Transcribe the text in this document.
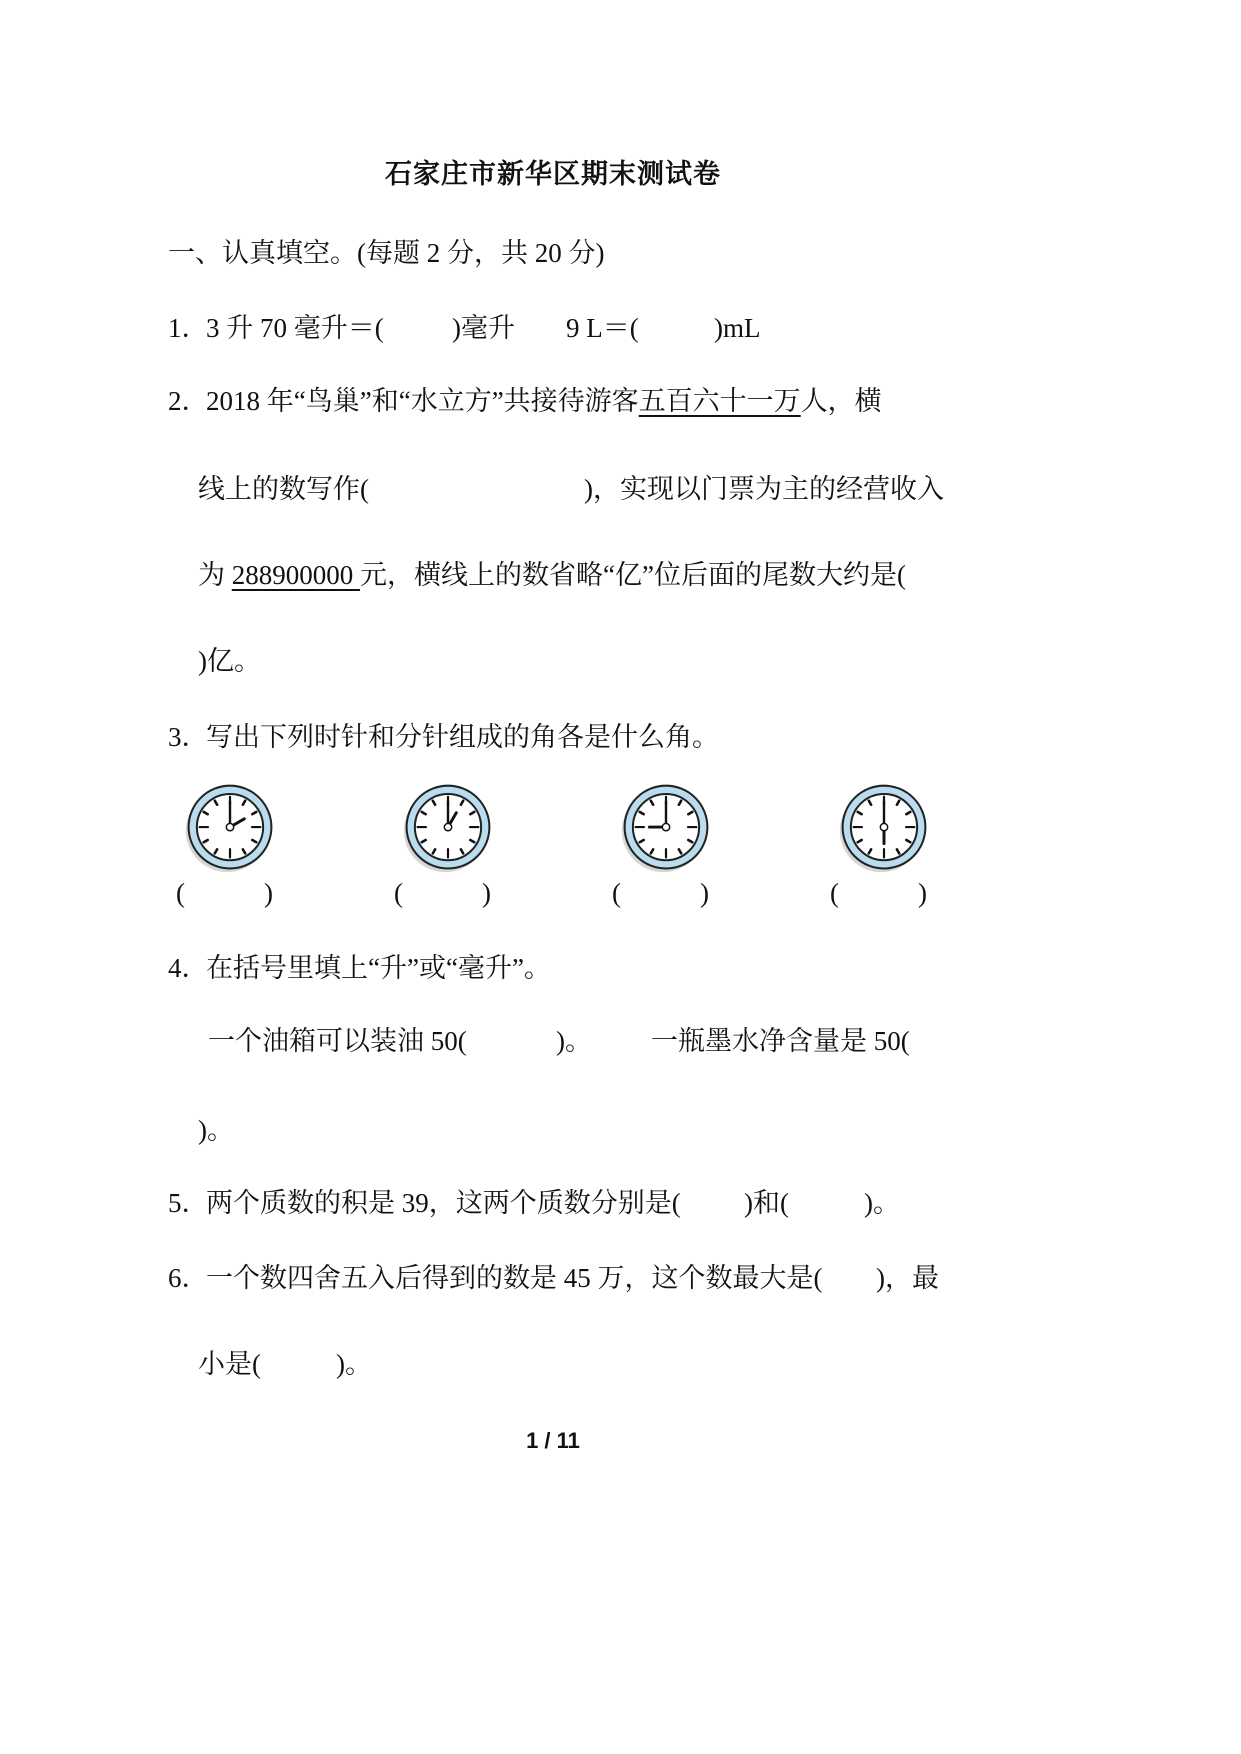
石家庄市新华区期末测试卷
一、认真填空。(每题 2 分，共 20 分)
1．
3 升 70 毫升＝(	)毫升 9 L＝(	)mL
2．
2018 年“鸟巢”和“水立方”共接待游客五百六十一万人，横
线上的数写作(	)，实现以门票为主的经营收入
为 288900000 元，横线上的数省略“亿”位后面的尾数大约是(
)亿。
3．
写出下列时针和分针组成的角各是什么角。
(	)	(	)	(	)	(	)
4．
在括号里填上“升”或“毫升”。
一个油箱可以装油 50(	)。 一瓶墨水净含量是 50(
)。
5．
两个质数的积是 39，这两个质数分别是( )和(	)。
6．
一个数四舍五入后得到的数是 45 万，这个数最大是( )，最
小是(	)。
1 / 11
